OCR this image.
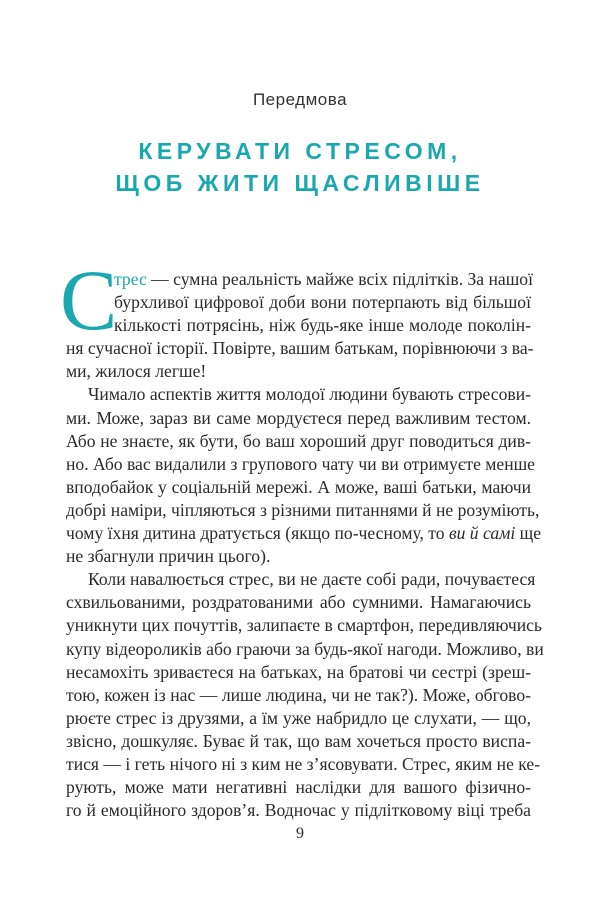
Передмова
КЕРУВАТИ СТРЕСОМ,
ЩОБ ЖИТИ ЩАСЛИВІШЕ
С
трес — сумна реальність майже всіх підлітків. За нашої
бурхливої цифрової доби вони потерпають від більшої
кількості потрясінь, ніж будь-яке інше молоде поколін-
ня сучасної історії. Повірте, вашим батькам, порівнюючи з ва-
ми, жилося легше!
Чимало аспектів життя молодої людини бувають стресови-
ми. Може, зараз ви саме мордуєтеся перед важливим тестом.
Або не знаєте, як бути, бо ваш хороший друг поводиться див-
но. Або вас видалили з групового чату чи ви отримуєте менше
вподобайок у соціальній мережі. А може, ваші батьки, маючи
добрі наміри, чіпляються з різними питаннями й не розуміють,
чому їхня дитина дратується (якщо по-чесному, то ви й самі ще
не збагнули причин цього).
Коли навалюється стрес, ви не даєте собі ради, почуваєтеся
схвильованими, роздратованими або сумними. Намагаючись
уникнути цих почуттів, залипаєте в смартфон, передивляючись
купу відеороликів або граючи за будь-якої нагоди. Можливо, ви
несамохіть зриваєтеся на батьках, на братові чи сестрі (зреш-
тою, кожен із нас — лише людина, чи не так?). Може, обгово-
рюєте стрес із друзями, а їм уже набридло це слухати, — що,
звісно, дошкуляє. Буває й так, що вам хочеться просто виспа-
тися — і геть нічого ні з ким не з’ясовувати. Стрес, яким не ке-
рують, може мати негативні наслідки для вашого фізично-
го й емоційного здоров’я. Водночас у підлітковому віці треба
9
